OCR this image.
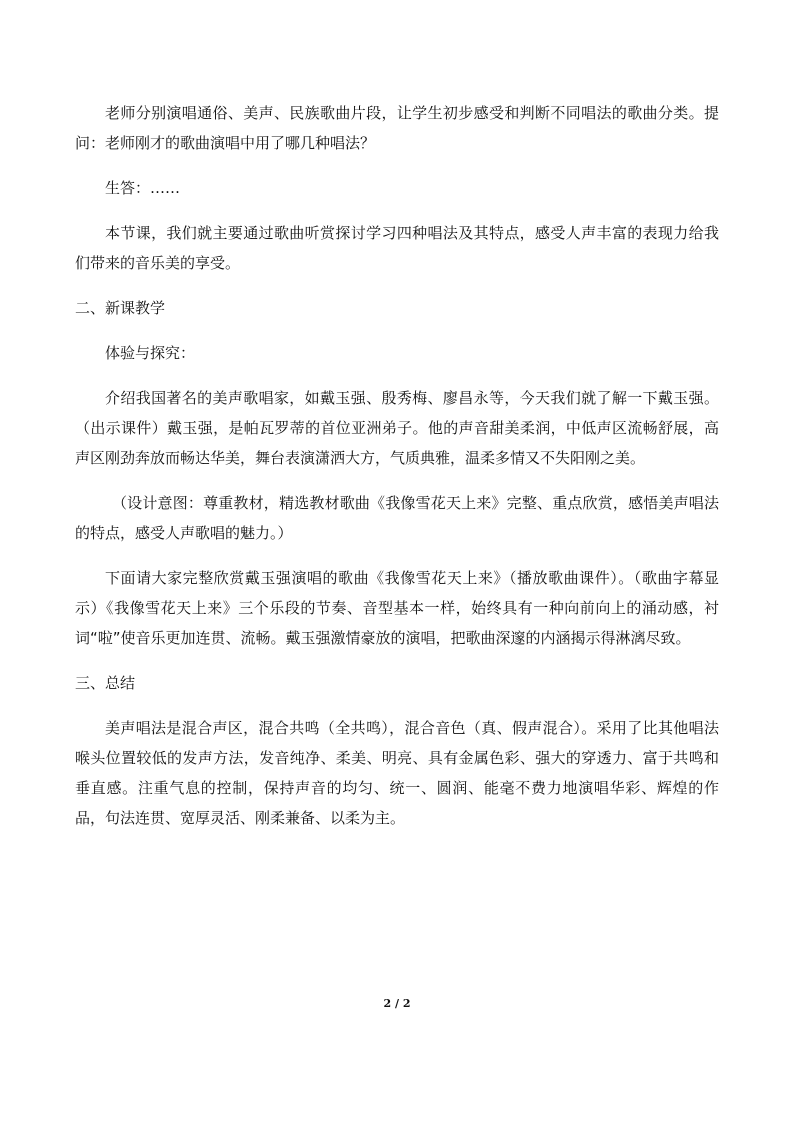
老师分别演唱通俗、美声、民族歌曲片段，让学生初步感受和判断不同唱法的歌曲分类。提问：老师刚才的歌曲演唱中用了哪几种唱法？

生答：……

本节课，我们就主要通过歌曲听赏探讨学习四种唱法及其特点，感受人声丰富的表现力给我们带来的音乐美的享受。

二、新课教学

体验与探究：

介绍我国著名的美声歌唱家，如戴玉强、殷秀梅、廖昌永等，今天我们就了解一下戴玉强。（出示课件）戴玉强，是帕瓦罗蒂的首位亚洲弟子。他的声音甜美柔润，中低声区流畅舒展，高声区刚劲奔放而畅达华美，舞台表演潇洒大方，气质典雅，温柔多情又不失阳刚之美。

（设计意图：尊重教材，精选教材歌曲《我像雪花天上来》完整、重点欣赏，感悟美声唱法的特点，感受人声歌唱的魅力。）

下面请大家完整欣赏戴玉强演唱的歌曲《我像雪花天上来》（播放歌曲课件）。（歌曲字幕显示）《我像雪花天上来》三个乐段的节奏、音型基本一样，始终具有一种向前向上的涌动感，衬词“啦”使音乐更加连贯、流畅。戴玉强激情豪放的演唱，把歌曲深邃的内涵揭示得淋漓尽致。

三、总结

美声唱法是混合声区，混合共鸣（全共鸣），混合音色（真、假声混合）。采用了比其他唱法喉头位置较低的发声方法，发音纯净、柔美、明亮、具有金属色彩、强大的穿透力、富于共鸣和垂直感。注重气息的控制，保持声音的均匀、统一、圆润、能毫不费力地演唱华彩、辉煌的作品，句法连贯、宽厚灵活、刚柔兼备、以柔为主。

2 / 2
